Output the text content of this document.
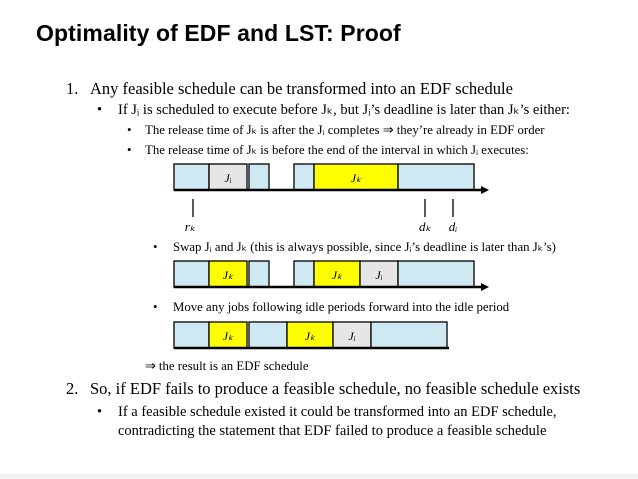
Optimality of EDF and LST: Proof
1. Any feasible schedule can be transformed into an EDF schedule
• If Jᵢ is scheduled to execute before Jₖ, but Jᵢ’s deadline is later than Jₖ’s either:
• The release time of Jₖ is after the Jᵢ completes ⇒ they’re already in EDF order
• The release time of Jₖ is before the end of the interval in which Jᵢ executes:
Jᵢ	Jₖ
rₖ	dₖ dᵢ
• Swap Jᵢ and Jₖ (this is always possible, since Jᵢ’s deadline is later than Jₖ’s)
Jₖ	Jₖ	Jᵢ
• Move any jobs following idle periods forward into the idle period
Jₖ	Jₖ	Jᵢ
⇒ the result is an EDF schedule
2. So, if EDF fails to produce a feasible schedule, no feasible schedule exists
• If a feasible schedule existed it could be transformed into an EDF schedule,
contradicting the statement that EDF failed to produce a feasible schedule
